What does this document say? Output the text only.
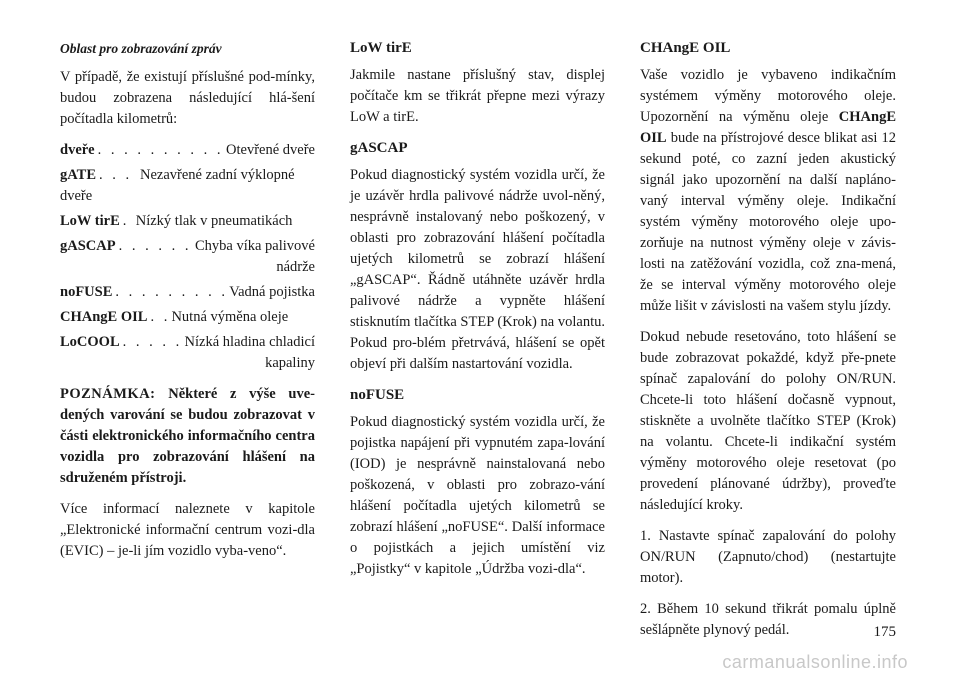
Oblast pro zobrazování zpráv

V případě, že existují příslušné pod-mínky, budou zobrazena následující hlá-šení počítadla kilometrů:

dveře . . .	Otevřené dveře
gATE . . .	Nezavřené zadní výklopné
dveře
LoW tirE . . . Nízký tlak v pneumatikách
gASCAP . . .	Chyba víka palivové
nádrže
noFUSE . . .	Vadná pojistka
CHAngE OIL . . . Nutná výměna oleje
LoCOOL . . .	Nízká hladina chladicí
kapaliny

POZNÁMKA: Některé z výše uve-dených varování se budou zobrazovat v části elektronického informačního centra vozidla pro zobrazování hlášení na sdruženém přístroji.

Více informací naleznete v kapitole „Elektronické informační centrum vozi-dla (EVIC) – je-li jím vozidlo vyba-veno“.

LoW tirE

Jakmile nastane příslušný stav, displej počítače km se třikrát přepne mezi výrazy LoW a tirE.

gASCAP

Pokud diagnostický systém vozidla určí, že je uzávěr hrdla palivové nádrže uvol-něný, nesprávně instalovaný nebo poškozený, v oblasti pro zobrazování hlášení počítadla ujetých kilometrů se zobrazí hlášení „gASCAP“. Řádně utáhněte uzávěr hrdla palivové nádrže a vypněte hlášení stisknutím tlačítka STEP (Krok) na volantu. Pokud pro-blém přetrvává, hlášení se opět objeví při dalším nastartování vozidla.

noFUSE

Pokud diagnostický systém vozidla určí, že pojistka napájení při vypnutém zapa-lování (IOD) je nesprávně nainstalovaná nebo poškozená, v oblasti pro zobrazo-vání hlášení počítadla ujetých kilometrů se zobrazí hlášení „noFUSE“. Další informace o pojistkách a jejich umístění viz „Pojistky“ v kapitole „Údržba vozi-dla“.

CHAngE OIL

Vaše vozidlo je vybaveno indikačním systémem výměny motorového oleje. Upozornění na výměnu oleje CHAngE OIL bude na přístrojové desce blikat asi 12 sekund poté, co zazní jeden akustický signál jako upozornění na další napláno-vaný interval výměny oleje. Indikační systém výměny motorového oleje upo-zorňuje na nutnost výměny oleje v závis-losti na zatěžování vozidla, což zna-mená, že se interval výměny motorového oleje může lišit v závislosti na vašem stylu jízdy.

Dokud nebude resetováno, toto hlášení se bude zobrazovat pokaždé, když pře-pnete spínač zapalování do polohy ON/RUN. Chcete-li toto hlášení dočasně vypnout, stiskněte a uvolněte tlačítko STEP (Krok) na volantu. Chcete-li indikační systém výměny motorového oleje resetovat (po provedení plánované údržby), proveďte následující kroky.

1. Nastavte spínač zapalování do polohy ON/RUN (Zapnuto/chod) (nestartujte motor).

2. Během 10 sekund třikrát pomalu úplně sešlápněte plynový pedál.	175
carmanualsonline.info
